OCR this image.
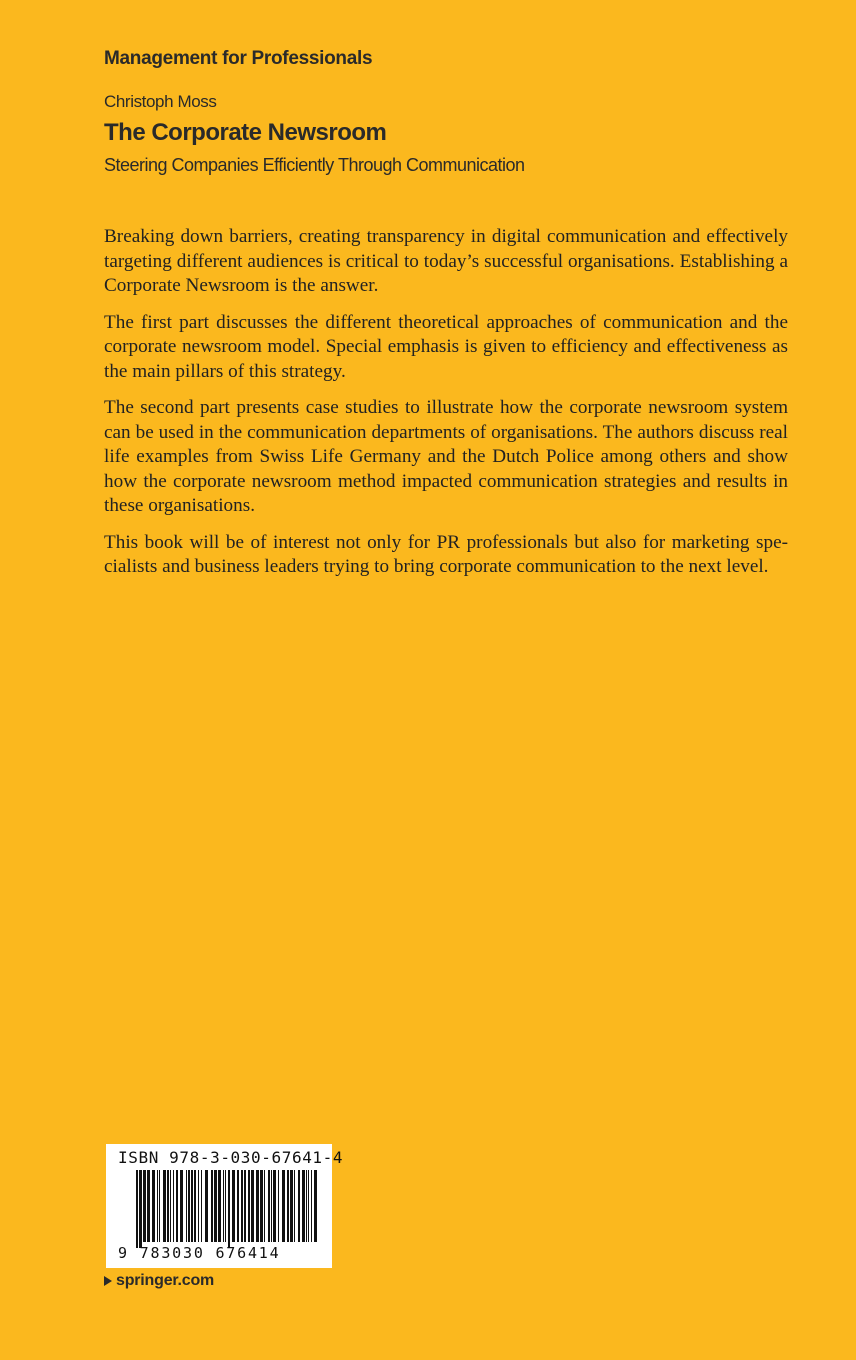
Management for Professionals
Christoph Moss
The Corporate Newsroom
Steering Companies Efficiently Through Communication

Breaking down barriers, creating transparency in digital communication and effectively targeting different audiences is critical to today’s successful organisations. Establishing a Corporate Newsroom is the answer.

The first part discusses the different theoretical approaches of communication and the corporate newsroom model. Special emphasis is given to efficiency and effectiveness as the main pillars of this strategy.

The second part presents case studies to illustrate how the corporate newsroom system can be used in the communication departments of organisations. The authors discuss real life examples from Swiss Life Germany and the Dutch Police among others and show how the corporate newsroom method impacted communication strategies and results in these organisations.

This book will be of interest not only for PR professionals but also for marketing specialists and business leaders trying to bring corporate communication to the next level.

ISBN 978-3-030-67641-4
9 783030 676414
springer.com
